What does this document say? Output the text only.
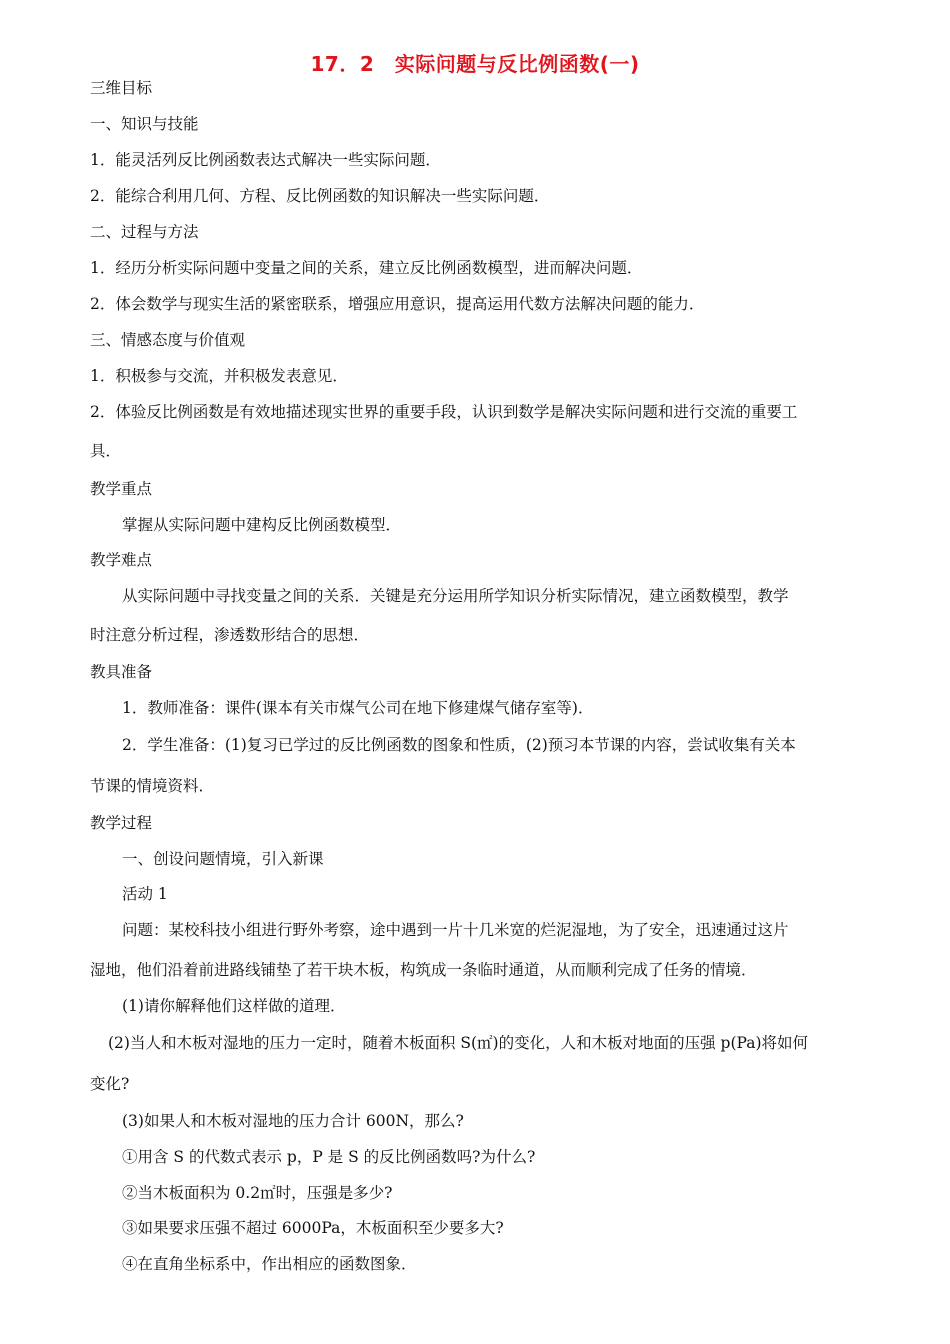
17．2　实际问题与反比例函数(一)
三维目标
一、知识与技能
1．能灵活列反比例函数表达式解决一些实际问题．
2．能综合利用几何、方程、反比例函数的知识解决一些实际问题．
二、过程与方法
1．经历分析实际问题中变量之间的关系，建立反比例函数模型，进而解决问题．
2．体会数学与现实生活的紧密联系，增强应用意识，提高运用代数方法解决问题的能力．
三、情感态度与价值观
1．积极参与交流，并积极发表意见．
2．体验反比例函数是有效地描述现实世界的重要手段，认识到数学是解决实际问题和进行交流的重要工
具．
教学重点
掌握从实际问题中建构反比例函数模型．
教学难点
从实际问题中寻找变量之间的关系．关键是充分运用所学知识分析实际情况，建立函数模型，教学
时注意分析过程，渗透数形结合的思想．
教具准备
1．教师准备：课件(课本有关市煤气公司在地下修建煤气储存室等)．
2．学生准备：(1)复习已学过的反比例函数的图象和性质，(2)预习本节课的内容，尝试收集有关本
节课的情境资料．
教学过程
一、创设问题情境，引入新课
活动 1
问题：某校科技小组进行野外考察，途中遇到一片十几米宽的烂泥湿地，为了安全，迅速通过这片
湿地，他们沿着前进路线铺垫了若干块木板，构筑成一条临时通道，从而顺利完成了任务的情境．
(1)请你解释他们这样做的道理．
(2)当人和木板对湿地的压力一定时，随着木板面积 S(㎡)的变化，人和木板对地面的压强 p(Pa)将如何
变化?
(3)如果人和木板对湿地的压力合计 600N，那么?
①用含 S 的代数式表示 p，P 是 S 的反比例函数吗?为什么?
②当木板面积为 0.2㎡时，压强是多少?
③如果要求压强不超过 6000Pa，木板面积至少要多大?
④在直角坐标系中，作出相应的函数图象．
